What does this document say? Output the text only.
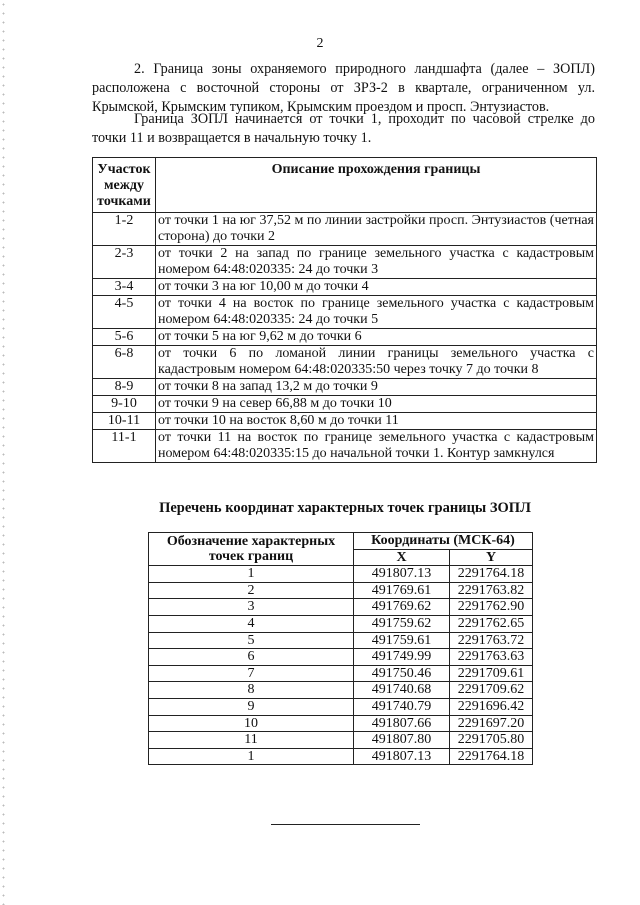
2

2. Граница зоны охраняемого природного ландшафта (далее – ЗОПЛ) расположена с восточной стороны от ЗРЗ-2 в квартале, ограниченном ул. Крымской, Крымским тупиком, Крымским проездом и просп. Энтузиастов.

Граница ЗОПЛ начинается от точки 1, проходит по часовой стрелке до точки 11 и возвращается в начальную точку 1.

Участок между точками	Описание прохождения границы
1-2	от точки 1 на юг 37,52 м по линии застройки просп. Энтузиастов (четная сторона) до точки 2
2-3	от точки 2 на запад по границе земельного участка с кадастровым номером 64:48:020335: 24 до точки 3
3-4	от точки 3 на юг 10,00 м до точки 4
4-5	от точки 4 на восток по границе земельного участка с кадастровым номером 64:48:020335: 24 до точки 5
5-6	от точки 5 на юг 9,62 м до точки 6
6-8	от точки 6 по ломаной линии границы земельного участка с кадастровым номером 64:48:020335:50 через точку 7 до точки 8
8-9	от точки 8 на запад 13,2 м до точки 9
9-10	от точки 9 на север 66,88 м до точки 10
10-11	от точки 10 на восток 8,60 м до точки 11
11-1	от точки 11 на восток по границе земельного участка с кадастровым номером 64:48:020335:15 до начальной точки 1. Контур замкнулся
Перечень координат характерных точек границы ЗОПЛ
Обозначение характерных точек границ	Координаты (МСК-64)	
	X	Y
1	491807.13	2291764.18
2	491769.61	2291763.82
3	491769.62	2291762.90
4	491759.62	2291762.65
5	491759.61	2291763.72
6	491749.99	2291763.63
7	491750.46	2291709.61
8	491740.68	2291709.62
9	491740.79	2291696.42
10	491807.66	2291697.20
11	491807.80	2291705.80
1	491807.13	2291764.18
